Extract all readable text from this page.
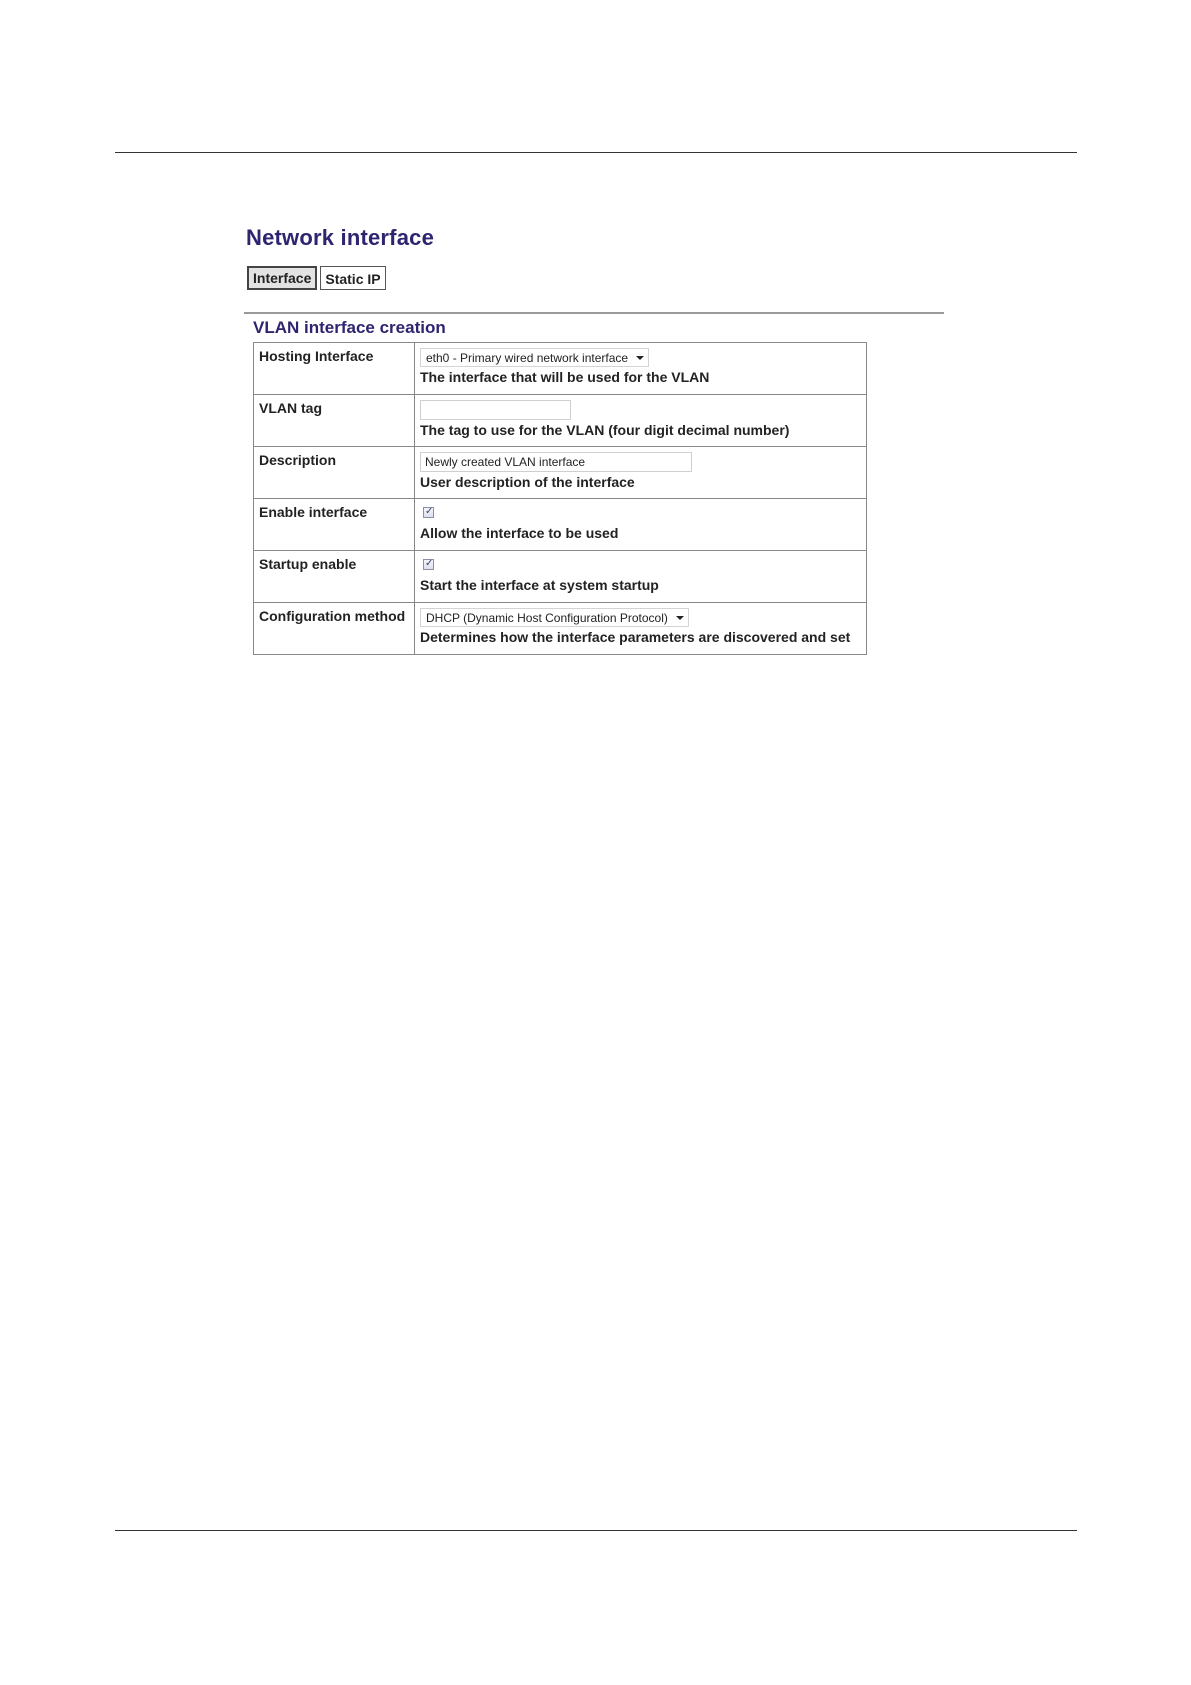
Network interface
Interface	Static IP
VLAN interface creation
Hosting Interface	eth0 - Primary wired network interface
The interface that will be used for the VLAN

VLAN tag	The tag to use for the VLAN (four digit decimal number)

Description	
Newly created VLAN interface
User description of the interface

Enable interface	✓
Allow the interface to be used

Startup enable	✓
Start the interface at system startup

Configuration method	DHCP (Dynamic Host Configuration Protocol)
Determines how the interface parameters are discovered and set
